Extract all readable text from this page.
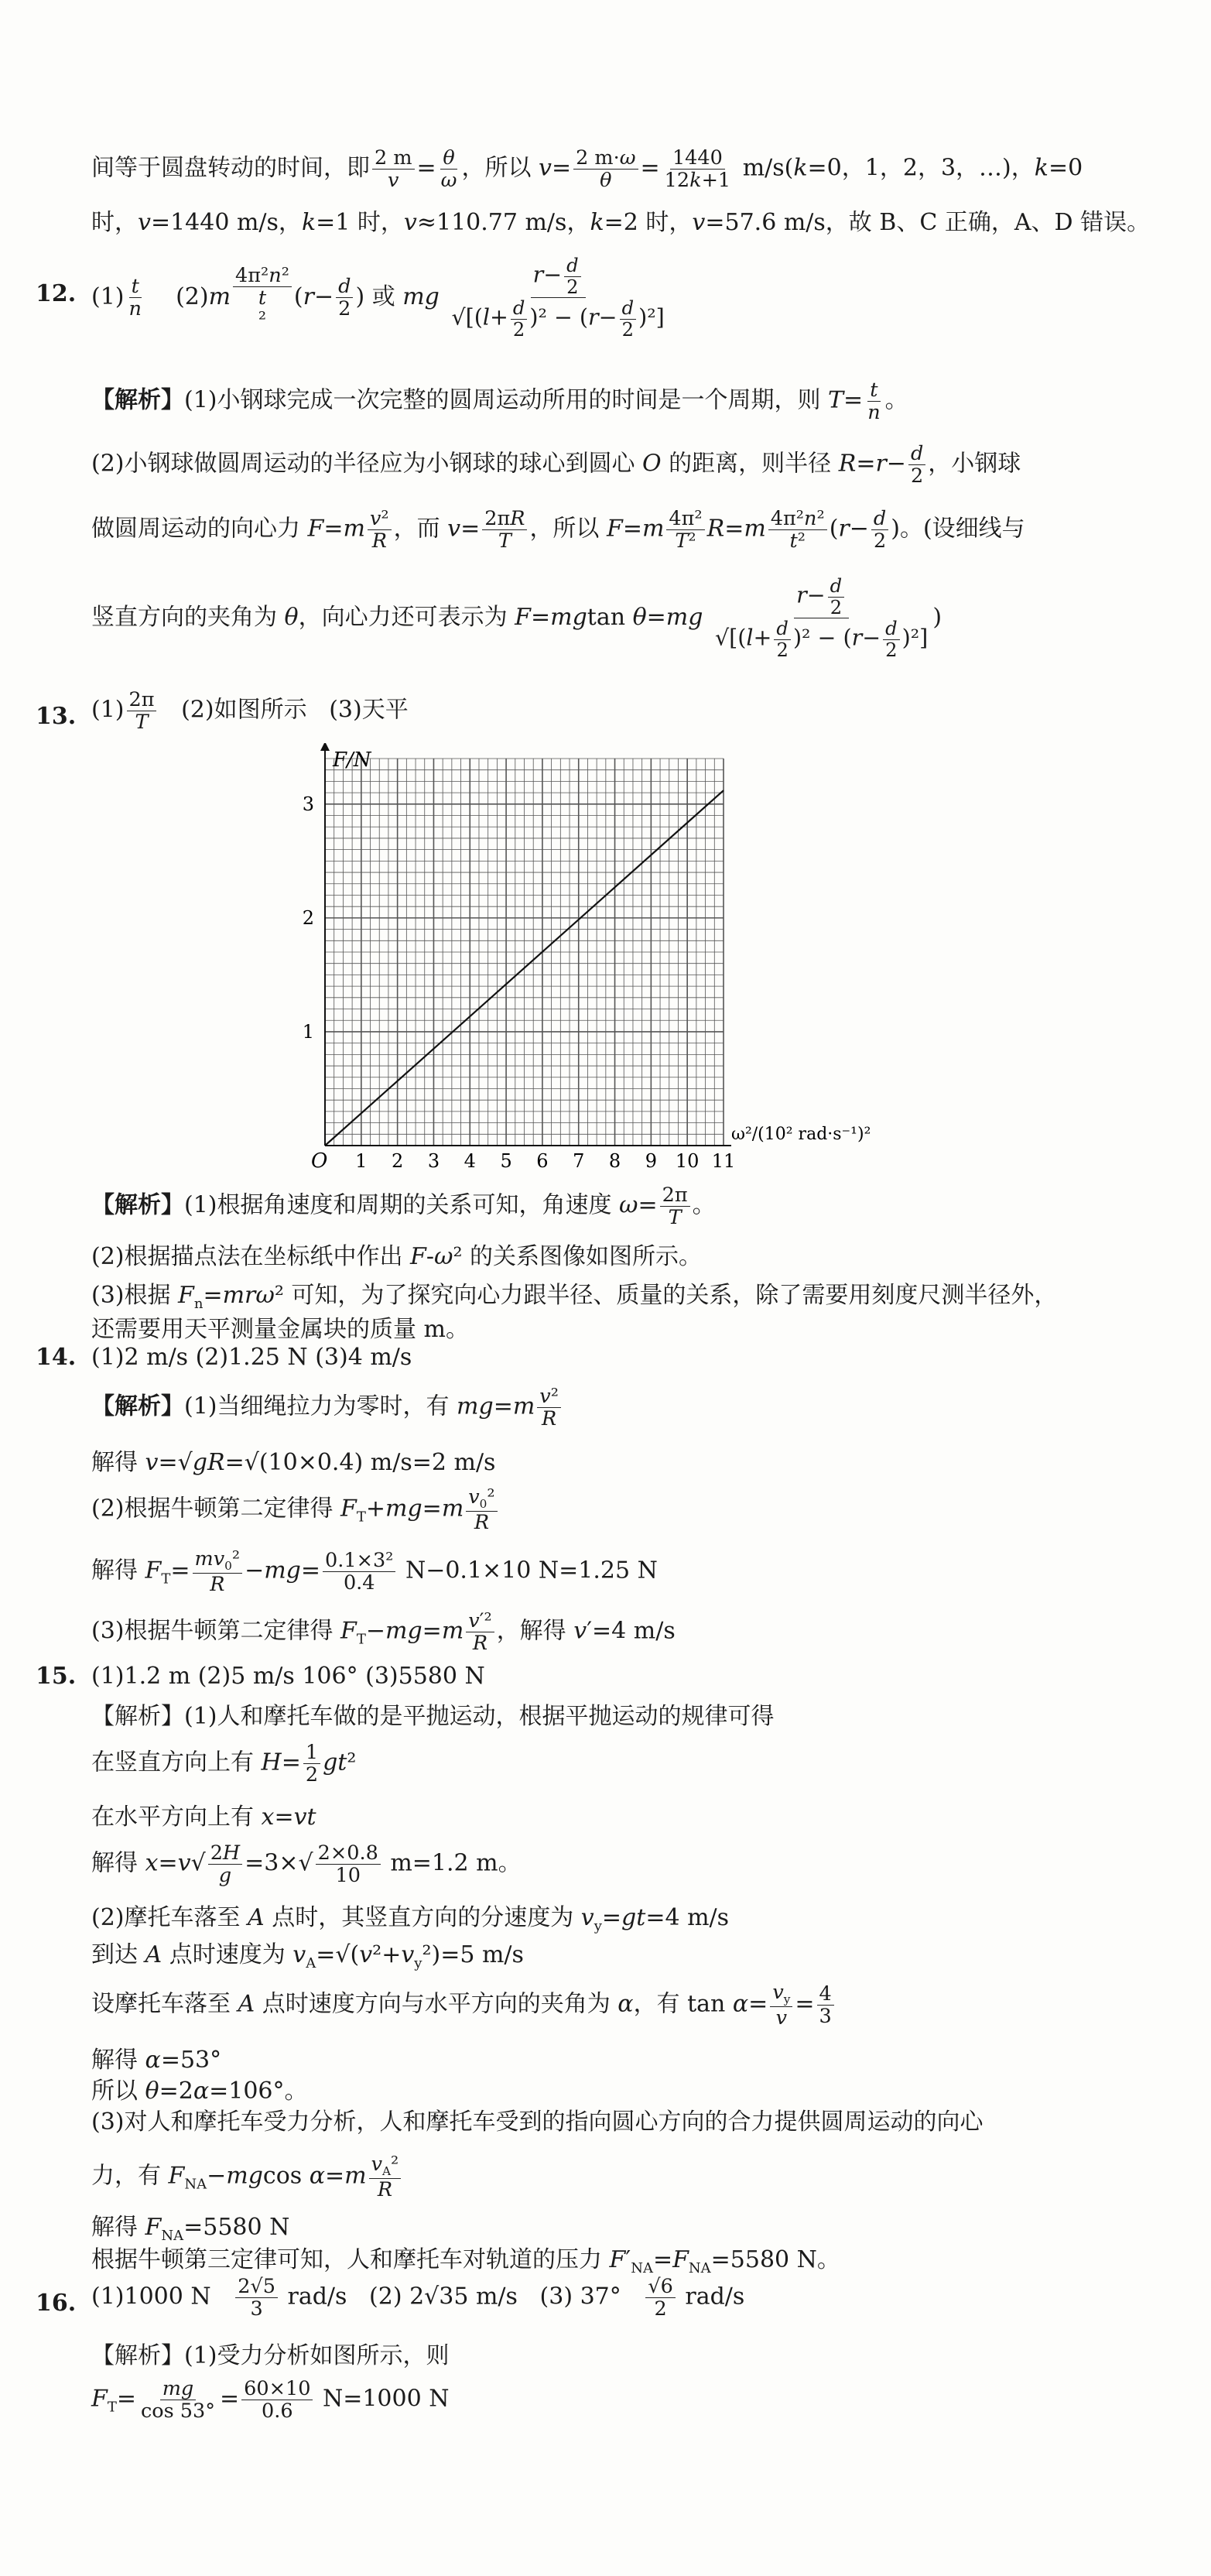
间等于圆盘转动的时间，即 $\frac{2 m}{v} = \frac{\theta}{\omega}$ ，所以 $v= \frac{2 m\cdot\omega}{\theta} = \frac{1440}{12k+1} m/s(k=0$，1，2，3，…)，k=0
时，v=1440 m/s，k=1 时，v≈110.77 m/s，k=2 时，v=57.6 m/s，故 B、C 正确，A、D 错误。
12. $(1) \frac{t}{n} (2)m$
4π²n²
t
$^2(r- \frac{d}{2}$ ) 或 mg $\frac{r- \frac{d}{2}}{√[(l+ \frac{d}{2} )^2 - (r- \frac{d}{2} )^2]}$
【解析】(1)小钢球完成一次完整的圆周运动所用的时间是一个周期，则 $T= \frac{t}{n}$ 。
(2)小钢球做圆周运动的半径应为小钢球的球心到圆心 O 的距离，则半径 $R=r- \frac{d}{2}$ ，小钢球
做圆周运动的向心力 $F=m \frac{\text{v²}}{R}$ ，而 $v= \frac{2\pi R}{T}$ ，所以 $F=m \frac{\text{4π²}}{\text{T²}} R=m \frac{\text{4π²n²}}{\text{t²}} (r- \frac{d}{2}$ )。(设细线与
竖直方向的夹角为 θ，向心力还可表示为 F=mgtan $\theta=mg \frac{r- \frac{d}{2}}{√[(l+ \frac{d}{2} )^2 - (r- \frac{d}{2} )^2]}$ )
13. $(1) \frac{2\pi}{T} (2)$如图所示   (3)天平
1 2 3 4 5 6 7 8 9 10 11
1
2
3
F/N
ω²/(10² rad·s⁻¹)²
O
【解析】(1)根据角速度和周期的关系可知，角速度 $\omega= \frac{2\pi}{T}$ 。
(2)根据描点法在坐标纸中作出 F-ω² 的关系图像如图所示。
(3)根据 $F_n=mr\omega^2$ 可知，为了探究向心力跟半径、质量的关系，除了需要用刻度尺测半径外，
还需要用天平测量金属块的质量 m。
14. (1)2 m/s (2)1.25 N (3)4 m/s
【解析】(1)当细绳拉力为零时，有 $mg=m \frac{\text{v²}}{R}$
解得 v=√gR=√(10×0.4) m/s=2 m/s
(2)根据牛顿第二定律得 $F_T+mg=m \frac{v_0^2}{R}$
解得 $F_T= \frac{mv_0^2}{R} -mg= \frac{\text{0.1×3²}}{0.4} N-0.1\times 10$ N=1.25 N
(3)根据牛顿第二定律得 $F_T-mg=m \frac{\text{v′²}}{R}$ ，解得 v′=4 m/s
15. (1)1.2 m (2)5 m/s 106° (3)5580 N
【解析】(1)人和摩托车做的是平抛运动，根据平抛运动的规律可得
在竖直方向上有 $H= \frac{1}{2} gt^2$
在水平方向上有 x=vt
解得 $x=v√ \frac{2H}{g} =3\times√ \frac{2\times 0.8}{10} m=1.2$ m。
(2)摩托车落至 A 点时，其竖直方向的分速度为 $v_y=gt=4$ m/s
到达 A 点时速度为 $v_A=√(v^2+v_y^2)=5$ m/s
设摩托车落至 A 点时速度方向与水平方向的夹角为 α，有 $\tan \alpha= \frac{v_y}{v} = \frac{4}{3}$
解得 α=53°
所以 θ=2α=106°。
(3)对人和摩托车受力分析，人和摩托车受到的指向圆心方向的合力提供圆周运动的向心
力，有 $F_{NA}-mgcos$ $\alpha=m \frac{v_A^2}{R}$
解得 $F_{NA}=5580$ N
根据牛顿第三定律可知，人和摩托车对轨道的压力 $F'_{NA}=F_{NA}=5580$ N。
16. (1)1000 N $\frac{2√5}{3} rad/s$   (2) 2√35 m/s   (3) $37^\circ \frac{√6}{2} rad/s$
【解析】(1)受力分析如图所示，则
$F_T= \frac{mg}{\cos 53^\circ} = \frac{60\times 10}{0.6} N=1000$ N
